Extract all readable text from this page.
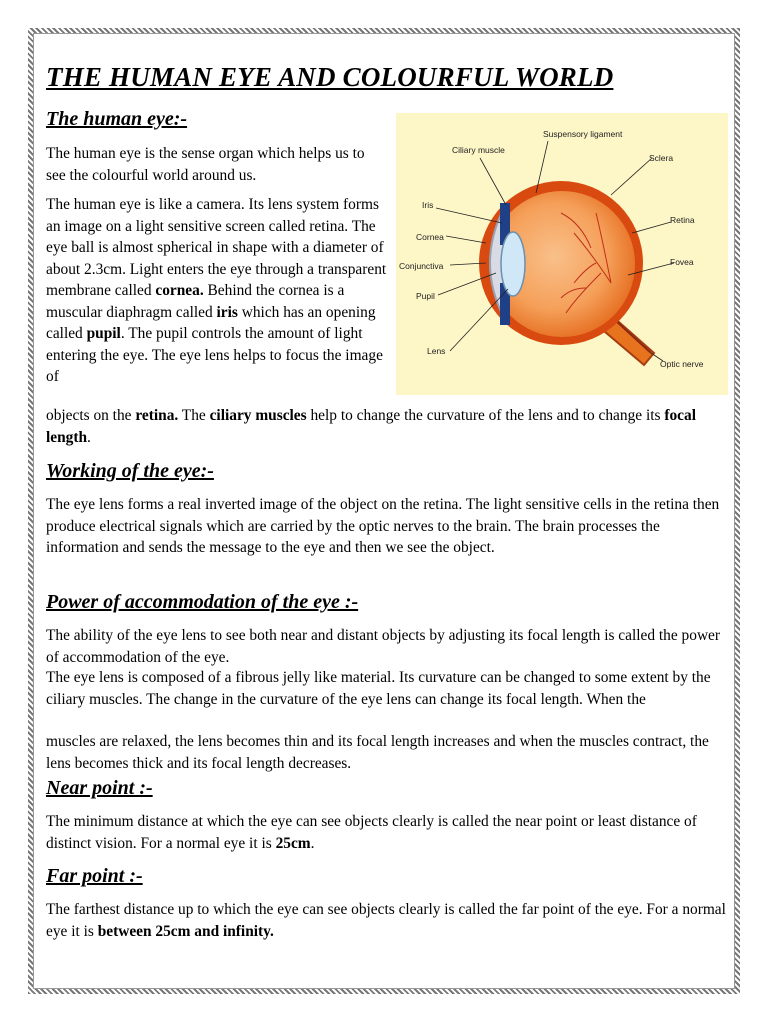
THE HUMAN EYE AND COLOURFUL WORLD
The human eye:-

The human eye is the sense organ which helps us to see the colourful world around us.

The human eye is like a camera. Its lens system forms an image on a light sensitive screen called retina. The eye ball is almost spherical in shape with a diameter of about 2.3cm. Light enters the eye through a transparent membrane called cornea. Behind the cornea is a muscular diaphragm called iris which has an opening called pupil. The pupil controls the amount of light entering the eye. The eye lens helps to focus the image of

objects on the retina. The ciliary muscles help to change the curvature of the lens and to change its focal length.

Suspensory ligament
Ciliary muscle
Sclera
Iris
Retina
Cornea
Conjunctiva	Fovea
Pupil
Lens
Optic nerve
Working of the eye:-

The eye lens forms a real inverted image of the object on the retina. The light sensitive cells in the retina then produce electrical signals which are carried by the optic nerves to the brain. The brain processes the information and sends the message to the eye and then we see the object.

Power of accommodation of the eye :-

The ability of the eye lens to see both near and distant objects by adjusting its focal length is called the power of accommodation of the eye.

The eye lens is composed of a fibrous jelly like material. Its curvature can be changed to some extent by the ciliary muscles. The change in the curvature of the eye lens can change its focal length. When the

muscles are relaxed, the lens becomes thin and its focal length increases and when the muscles contract, the lens becomes thick and its focal length decreases.

Near point :-

The minimum distance at which the eye can see objects clearly is called the near point or least distance of distinct vision. For a normal eye it is 25cm.

Far point :-

The farthest distance up to which the eye can see objects clearly is called the far point of the eye. For a normal eye it is between 25cm and infinity.
